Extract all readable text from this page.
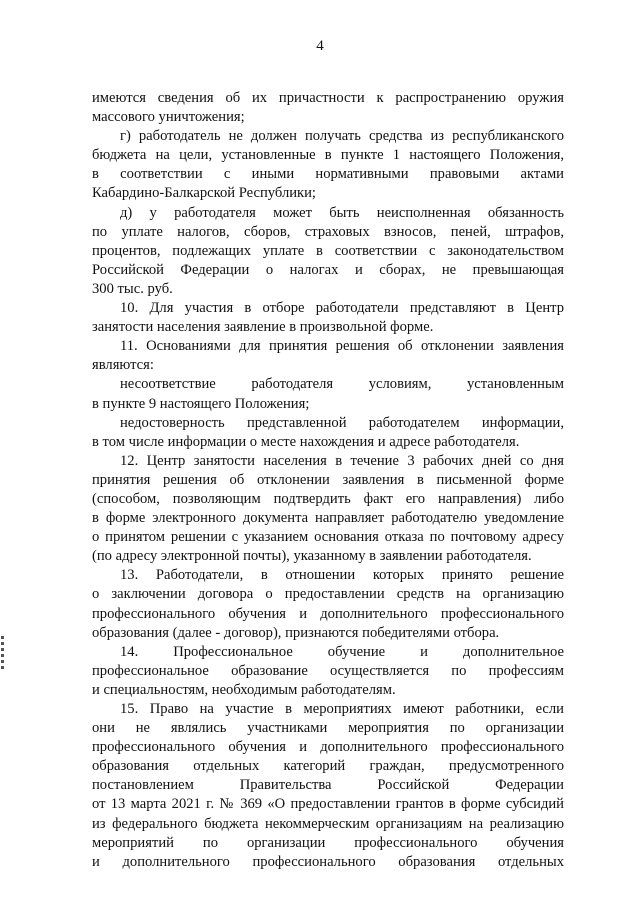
4
имеются сведения об их причастности к распространению оружия
массового уничтожения;
г) работодатель не должен получать средства из республиканского
бюджета на цели, установленные в пункте 1 настоящего Положения,
в соответствии с иными нормативными правовыми актами
Кабардино-Балкарской Республики;
д) у работодателя может быть неисполненная обязанность
по уплате налогов, сборов, страховых взносов, пеней, штрафов,
процентов, подлежащих уплате в соответствии с законодательством
Российской Федерации о налогах и сборах, не превышающая
300 тыс. руб.
10. Для участия в отборе работодатели представляют в Центр
занятости населения заявление в произвольной форме.
11. Основаниями для принятия решения об отклонении заявления
являются:
несоответствие работодателя условиям, установленным
в пункте 9 настоящего Положения;
недостоверность представленной работодателем информации,
в том числе информации о месте нахождения и адресе работодателя.
12. Центр занятости населения в течение 3 рабочих дней со дня
принятия решения об отклонении заявления в письменной форме
(способом, позволяющим подтвердить факт его направления) либо
в форме электронного документа направляет работодателю уведомление
о принятом решении с указанием основания отказа по почтовому адресу
(по адресу электронной почты), указанному в заявлении работодателя.
13. Работодатели, в отношении которых принято решение
о заключении договора о предоставлении средств на организацию
профессионального обучения и дополнительного профессионального
образования (далее - договор), признаются победителями отбора.
14. Профессиональное обучение и дополнительное
профессиональное образование осуществляется по профессиям
и специальностям, необходимым работодателям.
15. Право на участие в мероприятиях имеют работники, если
они не являлись участниками мероприятия по организации
профессионального обучения и дополнительного профессионального
образования отдельных категорий граждан, предусмотренного
постановлением Правительства Российской Федерации
от 13 марта 2021 г. № 369 «О предоставлении грантов в форме субсидий
из федерального бюджета некоммерческим организациям на реализацию
мероприятий по организации профессионального обучения
и дополнительного профессионального образования отдельных
